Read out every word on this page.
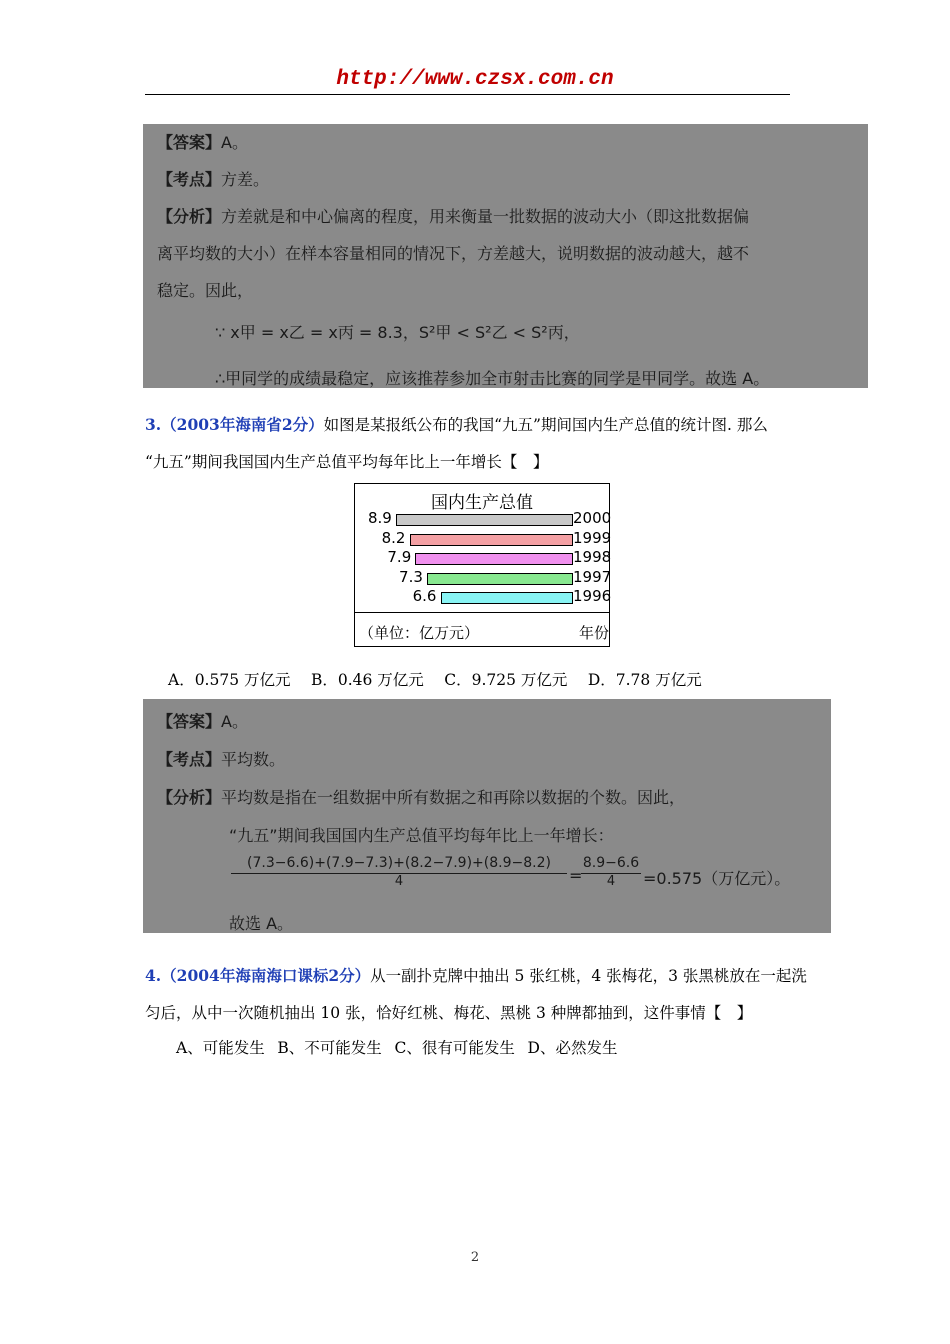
http://www.czsx.com.cn
【答案】A。
【考点】方差。
【分析】方差就是和中心偏离的程度，用来衡量一批数据的波动大小（即这批数据偏
离平均数的大小）在样本容量相同的情况下，方差越大，说明数据的波动越大，越不
稳定。因此，
∵ x甲 = x乙 = x丙 = 8.3，S²甲 < S²乙 < S²丙，
∴甲同学的成绩最稳定，应该推荐参加全市射击比赛的同学是甲同学。故选 A。
3.（2003年海南省2分）如图是某报纸公布的我国“九五”期间国内生产总值的统计图. 那么
“九五”期间我国国内生产总值平均每年比上一年增长【　】
国内生产总值
（单位：亿万元）	年份
8.9	2000
8.2	1999
7.9	1998
7.3	1997
6.6	1996
A．0.575 万亿元　 B．0.46 万亿元　 C．9.725 万亿元　 D．7.78 万亿元
【答案】A。
【考点】平均数。
【分析】平均数是指在一组数据中所有数据之和再除以数据的个数。因此，
“九五”期间我国国内生产总值平均每年比上一年增长：
$\frac{(7.3-6.6)+(7.9-7.3)+(8.2-7.9)+(8.9-8.2)}{4}$ =
$\frac{8.9-6.6}{4} =0.575$（万亿元）。
故选 A。
4.（2004年海南海口课标2分）从一副扑克牌中抽出 5 张红桃，4 张梅花，3 张黑桃放在一起洗
匀后，从中一次随机抽出 10 张，恰好红桃、梅花、黑桃 3 种牌都抽到，这件事情【　】
A、可能发生  B、不可能发生  C、很有可能发生  D、必然发生
2
